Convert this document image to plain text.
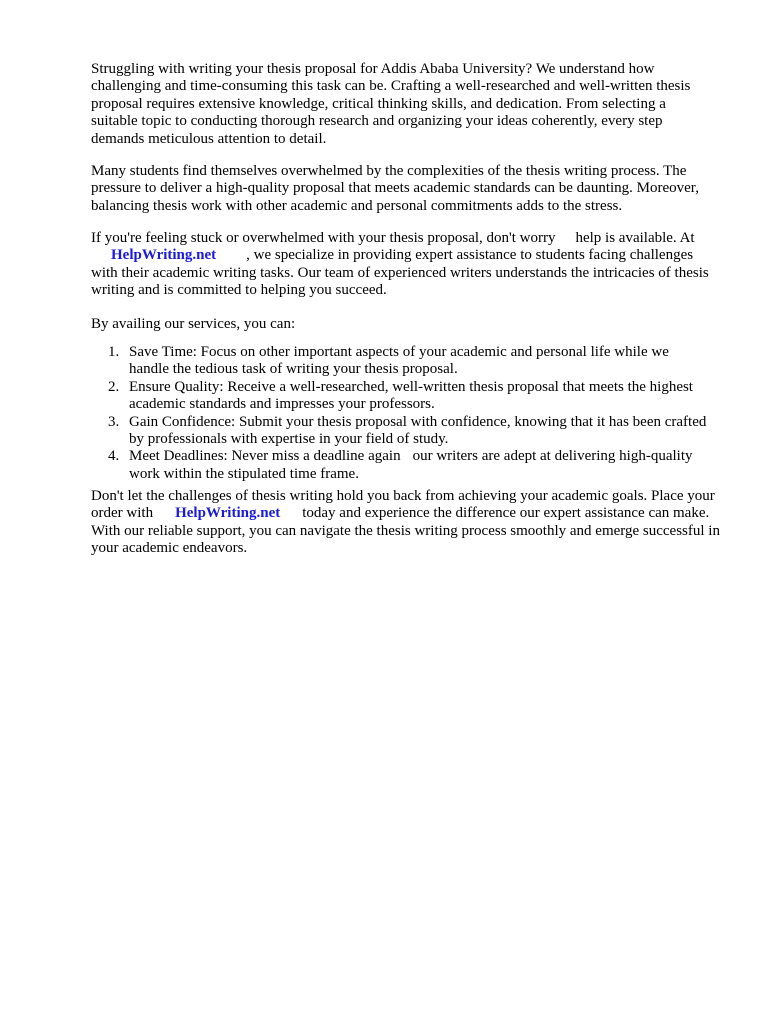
Struggling with writing your thesis proposal for Addis Ababa University? We understand how challenging and time-consuming this task can be. Crafting a well-researched and well-written thesis proposal requires extensive knowledge, critical thinking skills, and dedication. From selecting a suitable topic to conducting thorough research and organizing your ideas coherently, every step demands meticulous attention to detail.

Many students find themselves overwhelmed by the complexities of the thesis writing process. The pressure to deliver a high-quality proposal that meets academic standards can be daunting. Moreover, balancing thesis work with other academic and personal commitments adds to the stress.

If you're feeling stuck or overwhelmed with your thesis proposal, don't worry help is available. At
HelpWriting.net , we specialize in providing expert assistance to students facing challenges with their academic writing tasks. Our team of experienced writers understands the intricacies of thesis writing and is committed to helping you succeed.

By availing our services, you can:

1. Save Time: Focus on other important aspects of your academic and personal life while we handle the tedious task of writing your thesis proposal.
2. Ensure Quality: Receive a well-researched, well-written thesis proposal that meets the highest academic standards and impresses your professors.
3. Gain Confidence: Submit your thesis proposal with confidence, knowing that it has been crafted by professionals with expertise in your field of study.
4. Meet Deadlines: Never miss a deadline again our writers are adept at delivering high-quality work within the stipulated time frame.

Don't let the challenges of thesis writing hold you back from achieving your academic goals. Place your order with HelpWriting.net today and experience the difference our expert assistance can make. With our reliable support, you can navigate the thesis writing process smoothly and emerge successful in your academic endeavors.
